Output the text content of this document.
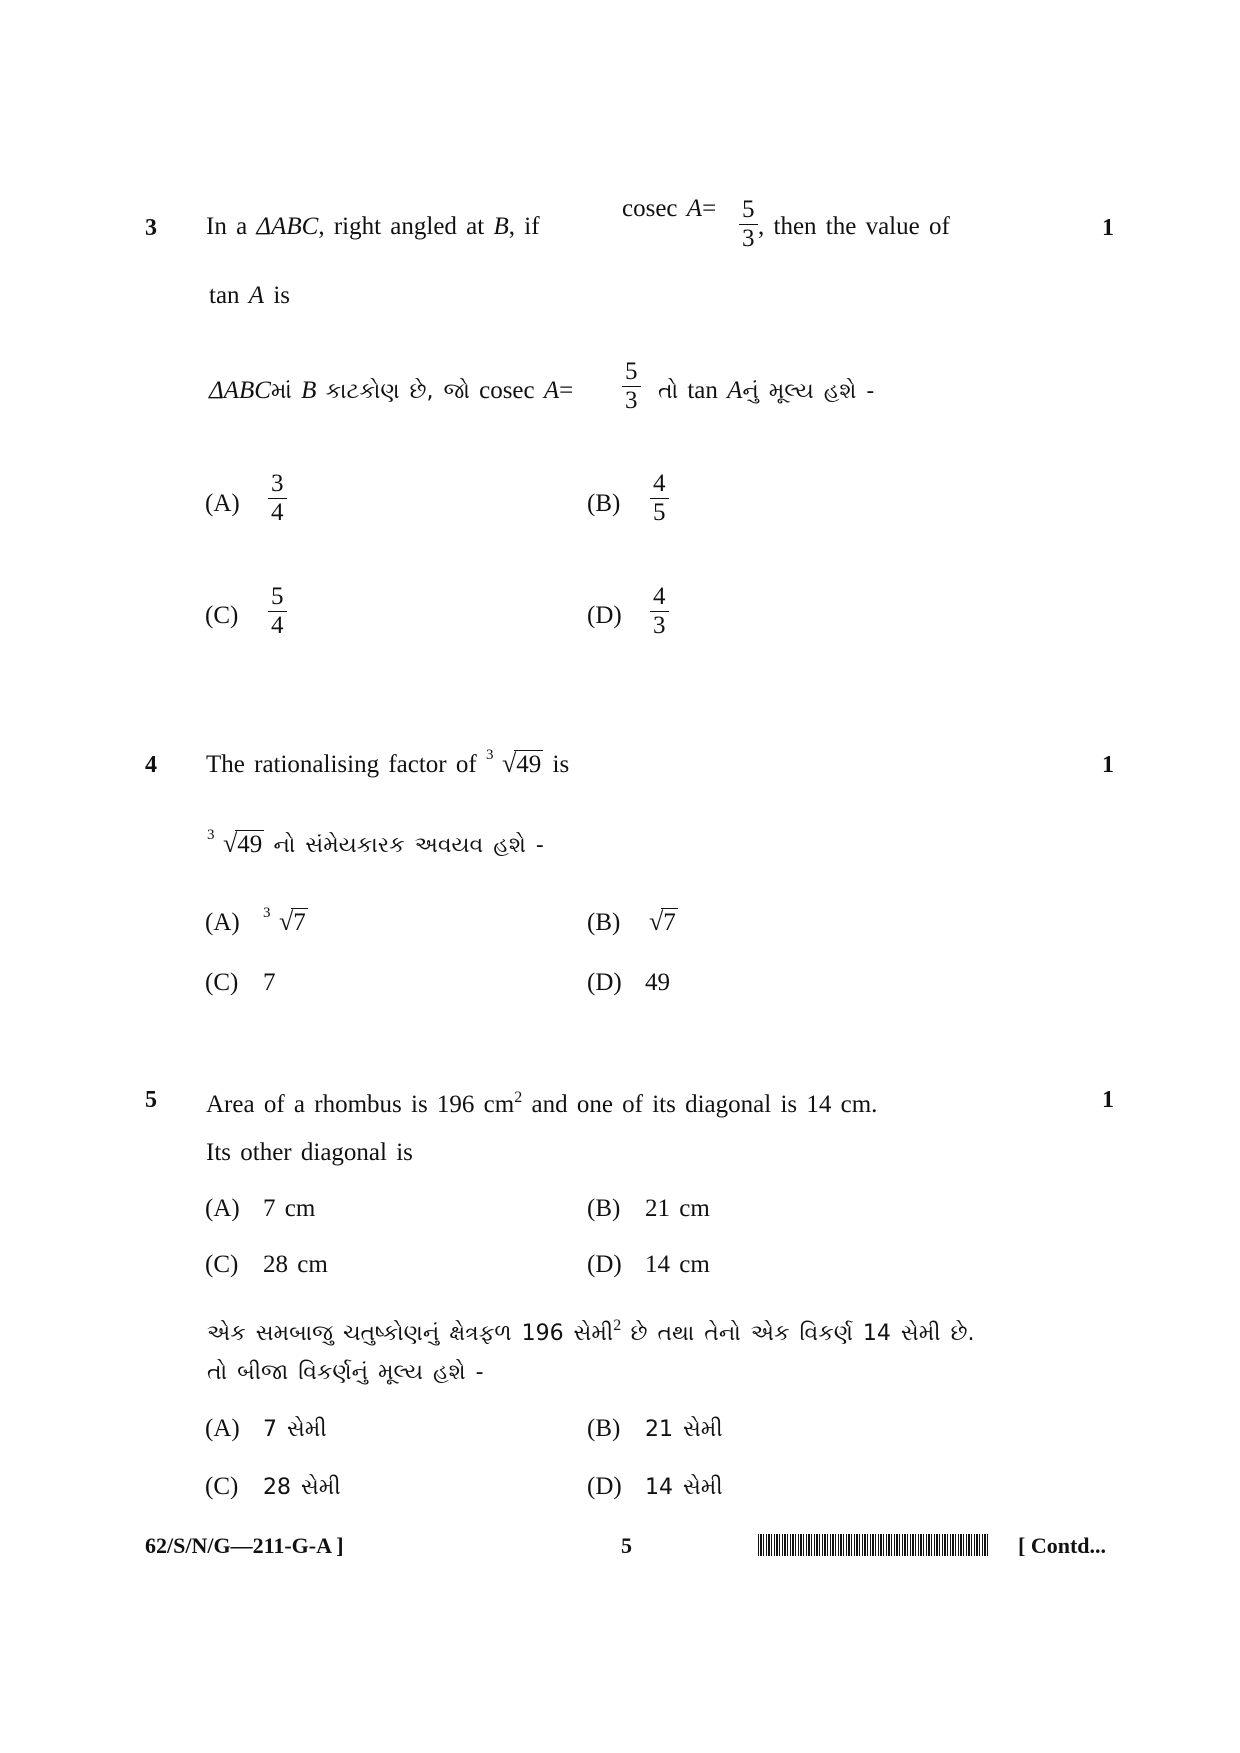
3 In a ΔABC, right angled at B, if
cosec $A= \frac{5}{3}$ , then the value of	1
tan A is
ΔABCમાં B કાટકોણ છે, જો cosec $A= \frac{5}{3}$ તો tan Aનું મૂલ્ય હશે -
(A)	$\frac{3}{4}$	(B)	$\frac{4}{5}$
(C)	$\frac{5}{4}$	(D)	$\frac{4}{3}$
4 The rationalising factor of 3 √49 is	1
3 √49 નો સંમેયકારક અવયવ હશે -
(A) 3 √7	(B) √7
(C) 7	(D) 49
5 Area of a rhombus is 196 $cm^2$ and one of its diagonal is 14 cm.	1
Its other diagonal is
(A) 7 cm	(B) 21 cm
(C) 28 cm	(D) 14 cm
એક સમબાજુ ચતુષ્કોણનું ક્ષેત્રફળ 196 સેમી$^2$ છે તથા તેનો એક વિકર્ણ 14 સેમી છે.
તો બીજા વિકર્ણનું મૂલ્ય હશે -
(A) 7 સેમી	(B) 21 સેમી
(C) 28 સેમી	(D) 14 સેમી
62/S/N/G—211-G-A ]	5	[ Contd...
